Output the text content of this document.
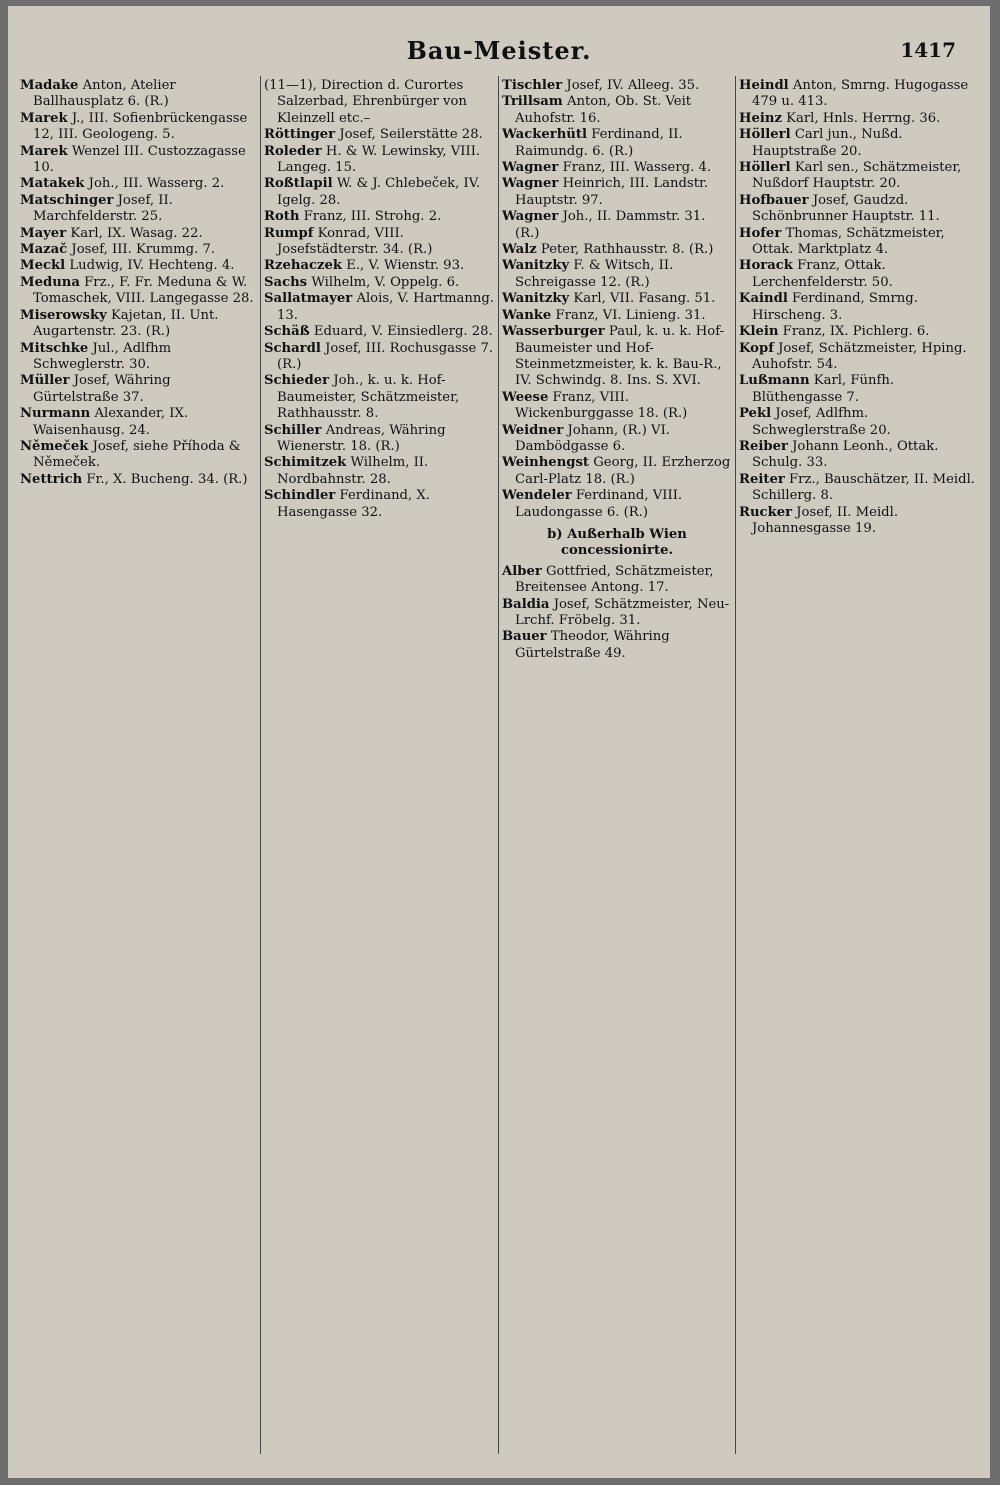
Bau-Meister.	1417

Madake Anton, Atelier Ballhausplatz 6. (R.)

Marek J., III. Sofienbrückengasse 12, III. Geologeng. 5.

Marek Wenzel III. Custozzagasse 10.

Matakek Joh., III. Wasserg. 2.

Matschinger Josef, II. Marchfelderstr. 25.

Mayer Karl, IX. Wasag. 22.

Mazač Josef, III. Krummg. 7.

Meckl Ludwig, IV. Hechteng. 4.

Meduna Frz., F. Fr. Meduna & W. Tomaschek, VIII. Langegasse 28.

Miserowsky Kajetan, II. Unt. Augartenstr. 23. (R.)

Mitschke Jul., Adlfhm Schweglerstr. 30.

Müller Josef, Währing Gürtelstraße 37.

Nurmann Alexander, IX. Waisenhausg. 24.

Němeček Josef, siehe Příhoda & Němeček.

Nettrich Fr., X. Bucheng. 34. (R.)

(11—1), Direction d. Curortes Salzerbad, Ehrenbürger von Kleinzell etc.–

Röttinger Josef, Seilerstätte 28.

Roleder H. & W. Lewinsky, VIII. Langeg. 15.

Roßtlapil W. & J. Chlebeček, IV. Igelg. 28.

Roth Franz, III. Strohg. 2.

Rumpf Konrad, VIII. Josefstädterstr. 34. (R.)

Rzehaczek E., V. Wienstr. 93.

Sachs Wilhelm, V. Oppelg. 6.

Sallatmayer Alois, V. Hartmanng. 13.

Schäß Eduard, V. Einsiedlerg. 28.

Schardl Josef, III. Rochusgasse 7. (R.)

Schieder Joh., k. u. k. Hof-Baumeister, Schätzmeister, Rathhausstr. 8.

Schiller Andreas, Währing Wienerstr. 18. (R.)

Schimitzek Wilhelm, II. Nordbahnstr. 28.

Schindler Ferdinand, X. Hasengasse 32.

Tischler Josef, IV. Alleeg. 35.

Trillsam Anton, Ob. St. Veit Auhofstr. 16.

Wackerhütl Ferdinand, II. Raimundg. 6. (R.)

Wagner Franz, III. Wasserg. 4.

Wagner Heinrich, III. Landstr. Hauptstr. 97.

Wagner Joh., II. Dammstr. 31. (R.)

Walz Peter, Rathhausstr. 8. (R.)

Wanitzky F. & Witsch, II. Schreigasse 12. (R.)

Wanitzky Karl, VII. Fasang. 51.

Wanke Franz, VI. Linieng. 31.

Wasserburger Paul, k. u. k. Hof-Baumeister und Hof-Steinmetzmeister, k. k. Bau-R., IV. Schwindg. 8. Ins. S. XVI.

Weese Franz, VIII. Wickenburggasse 18. (R.)

Weidner Johann, (R.) VI. Dambödgasse 6.

Weinhengst Georg, II. Erzherzog Carl-Platz 18. (R.)

Wendeler Ferdinand, VIII. Laudongasse 6. (R.)

b) Außerhalb Wien concessionirte.

Alber Gottfried, Schätzmeister, Breitensee Antong. 17.

Baldia Josef, Schätzmeister, Neu-Lrchf. Fröbelg. 31.

Bauer Theodor, Währing Gürtelstraße 49.

Heindl Anton, Smrng. Hugogasse 479 u. 413.

Heinz Karl, Hnls. Herrng. 36.

Höllerl Carl jun., Nußd. Hauptstraße 20.

Höllerl Karl sen., Schätzmeister, Nußdorf Hauptstr. 20.

Hofbauer Josef, Gaudzd. Schönbrunner Hauptstr. 11.

Hofer Thomas, Schätzmeister, Ottak. Marktplatz 4.

Horack Franz, Ottak. Lerchenfelderstr. 50.

Kaindl Ferdinand, Smrng. Hirscheng. 3.

Klein Franz, IX. Pichlerg. 6.

Kopf Josef, Schätzmeister, Hping. Auhofstr. 54.

Lußmann Karl, Fünfh. Blüthengasse 7.

Pekl Josef, Adlfhm. Schweglerstraße 20.

Reiber Johann Leonh., Ottak. Schulg. 33.

Reiter Frz., Bauschätzer, II. Meidl. Schillerg. 8.

Rucker Josef, II. Meidl. Johannesgasse 19.
